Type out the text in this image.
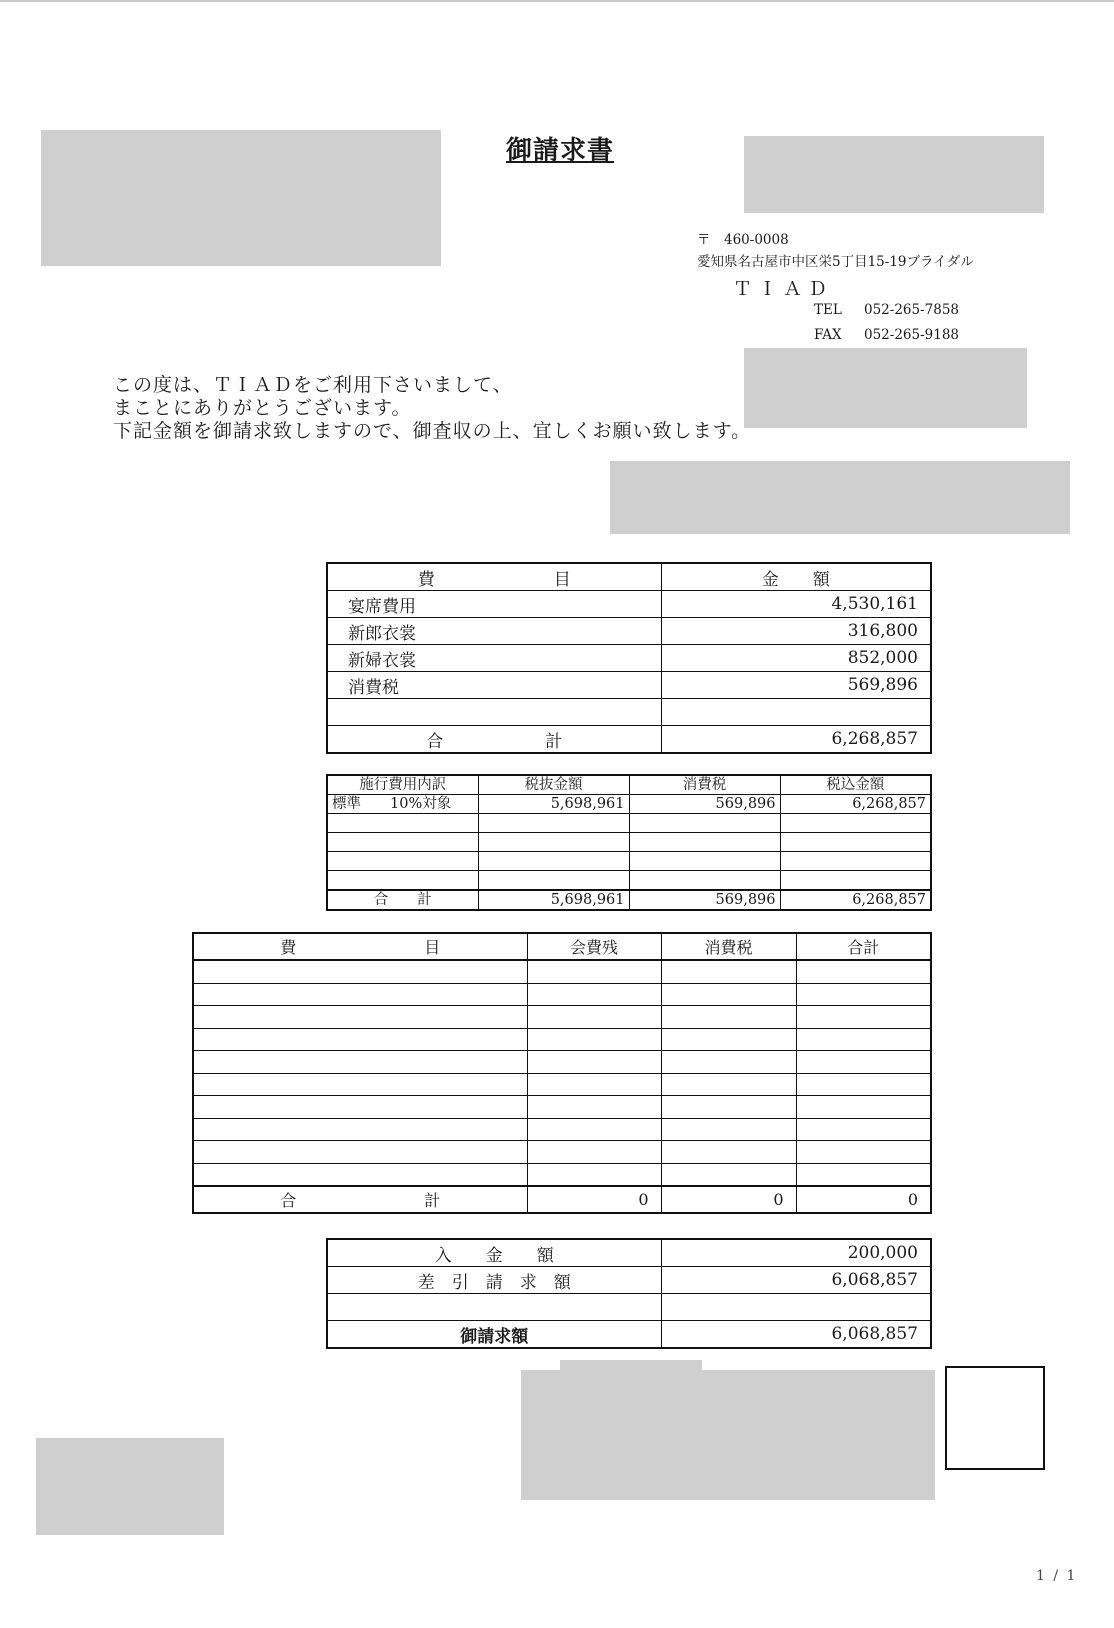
御請求書
〒　460-0008
愛知県名古屋市中区栄5丁目15-19ブライダル
ＴＩＡＤ
TEL 052-265-7858
FAX 052-265-9188
この度は、ＴＩＡＤをご利用下さいまして、
まことにありがとうございます。
下記金額を御請求致しますので、御査収の上、宜しくお願い致します。
費　　　　　　　目	金　　額
宴席費用	4,530,161
新郎衣裳	316,800
新婦衣裳	852,000
消費税	569,896

合　　　　　　計	6,268,857
施行費用内訳	税抜金額	消費税	税込金額
標準　　10%対象	5,698,961	569,896	6,268,857

合　　計	5,698,961	569,896	6,268,857
費　　　　　　　　目	会費残	消費税	合計

合　　　　　　　　計	0	0	0
入　　金　　額	200,000
差　引　請　求　額	6,068,857

御請求額	6,068,857
1 / 1
